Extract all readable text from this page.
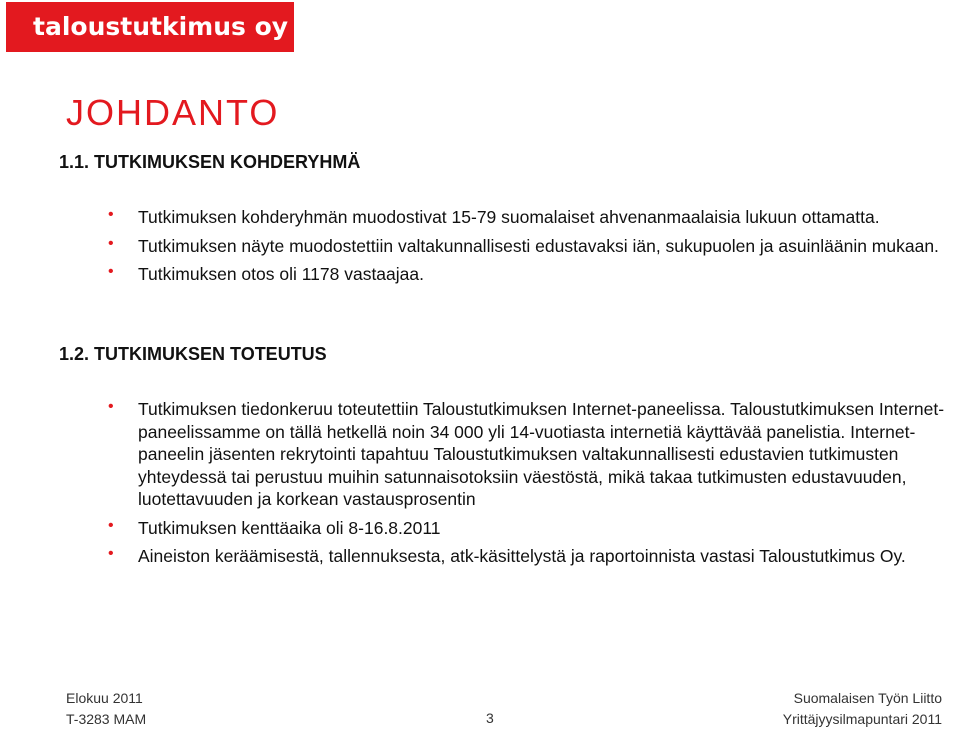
taloustutkimus oy
JOHDANTO
1.1. TUTKIMUKSEN KOHDERYHMÄ
• Tutkimuksen kohderyhmän muodostivat 15-79 suomalaiset ahvenanmaalaisia lukuun ottamatta.
• Tutkimuksen näyte muodostettiin valtakunnallisesti edustavaksi iän, sukupuolen ja asuinläänin mukaan.
• Tutkimuksen otos oli 1178 vastaajaa.
1.2. TUTKIMUKSEN TOTEUTUS
• Tutkimuksen tiedonkeruu toteutettiin Taloustutkimuksen Internet-paneelissa. Taloustutkimuksen Internet-paneelissamme on tällä hetkellä noin 34 000 yli 14-vuotiasta internetiä käyttävää panelistia. Internet-paneelin jäsenten rekrytointi tapahtuu Taloustutkimuksen valtakunnallisesti edustavien tutkimusten yhteydessä tai perustuu muihin satunnaisotoksiin väestöstä, mikä takaa tutkimusten edustavuuden, luotettavuuden ja korkean vastausprosentin
• Tutkimuksen kenttäaika oli 8-16.8.2011
• Aineiston keräämisestä, tallennuksesta, atk-käsittelystä ja raportoinnista vastasi Taloustutkimus Oy.
Elokuu 2011
T-3283 MAM	3
Suomalaisen Työn Liitto
Yrittäjyysilmapuntari 2011
